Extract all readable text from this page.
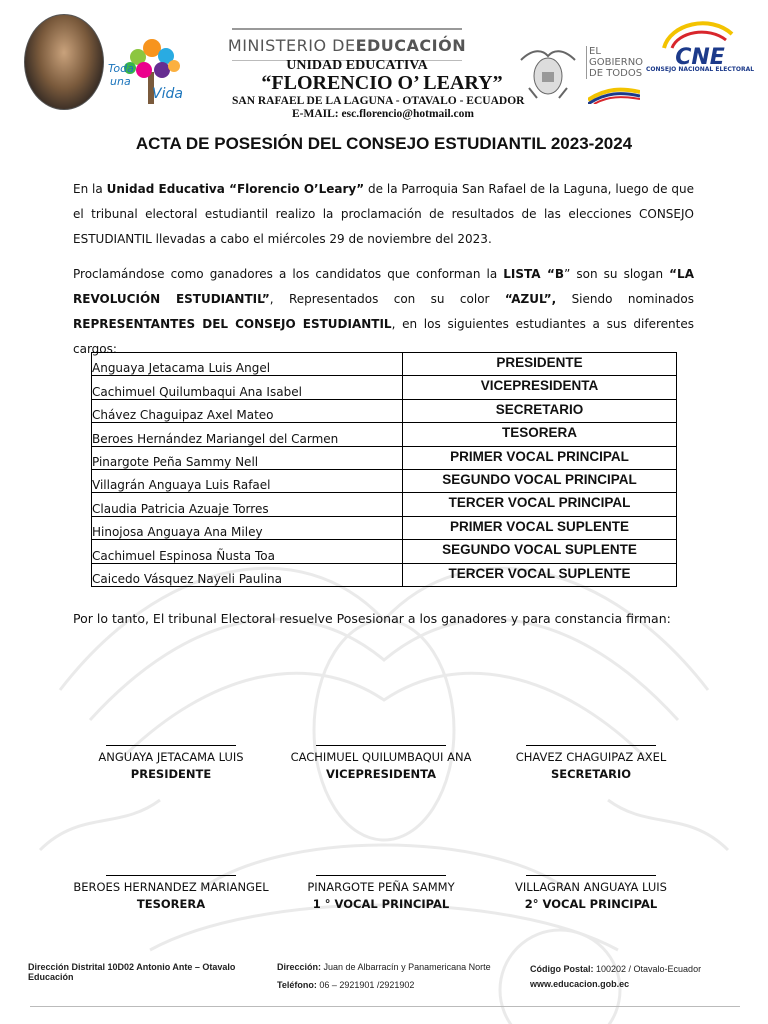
Toda
una
Vida
MINISTERIO DE EDUCACIÓN
UNIDAD EDUCATIVA
“FLORENCIO O’ LEARY”
SAN RAFAEL DE LA LAGUNA - OTAVALO - ECUADOR
E-MAIL: esc.florencio@hotmail.com
EL
GOBIERNO
DE TODOS
CNE
CONSEJO NACIONAL ELECTORAL
ACTA DE POSESIÓN DEL CONSEJO ESTUDIANTIL 2023-2024
En la Unidad Educativa “Florencio O’Leary” de la Parroquia San Rafael de la Laguna, luego de que el tribunal electoral estudiantil realizo la proclamación de resultados de las elecciones CONSEJO ESTUDIANTIL llevadas a cabo el miércoles 29 de noviembre del 2023.
Proclamándose como ganadores a los candidatos que conforman la LISTA “B” son su slogan “LA REVOLUCIÓN ESTUDIANTIL”, Representados con su color “AZUL”, Siendo nominados REPRESENTANTES DEL CONSEJO ESTUDIANTIL, en los siguientes estudiantes a sus diferentes cargos:
Anguaya Jetacama Luis Angel	PRESIDENTE
Cachimuel Quilumbaqui Ana Isabel	VICEPRESIDENTA
Chávez Chaguipaz Axel Mateo	SECRETARIO
Beroes Hernández Mariangel del Carmen	TESORERA
Pinargote Peña Sammy Nell	PRIMER VOCAL PRINCIPAL
Villagrán Anguaya Luis Rafael	SEGUNDO VOCAL PRINCIPAL
Claudia Patricia Azuaje Torres	TERCER VOCAL PRINCIPAL
Hinojosa Anguaya Ana Miley	PRIMER VOCAL SUPLENTE
Cachimuel Espinosa Ñusta Toa	SEGUNDO VOCAL SUPLENTE
Caicedo Vásquez Nayeli Paulina	TERCER VOCAL SUPLENTE
Por lo tanto, El tribunal Electoral resuelve Posesionar a los ganadores y para constancia firman:
ANGUAYA JETACAMA LUIS
PRESIDENTE
CACHIMUEL QUILUMBAQUI ANA
VICEPRESIDENTA
CHAVEZ CHAGUIPAZ AXEL
SECRETARIO
BEROES HERNANDEZ MARIANGEL
TESORERA
PINARGOTE PEÑA SAMMY
1 ° VOCAL PRINCIPAL
VILLAGRAN ANGUAYA LUIS
2° VOCAL PRINCIPAL
Dirección Distrital 10D02 Antonio Ante – Otavalo Educación
Dirección: Juan de Albarracín y Panamericana Norte
Teléfono: 06 – 2921901 /2921902
Código Postal: 100202 / Otavalo-Ecuador
www.educacion.gob.ec
